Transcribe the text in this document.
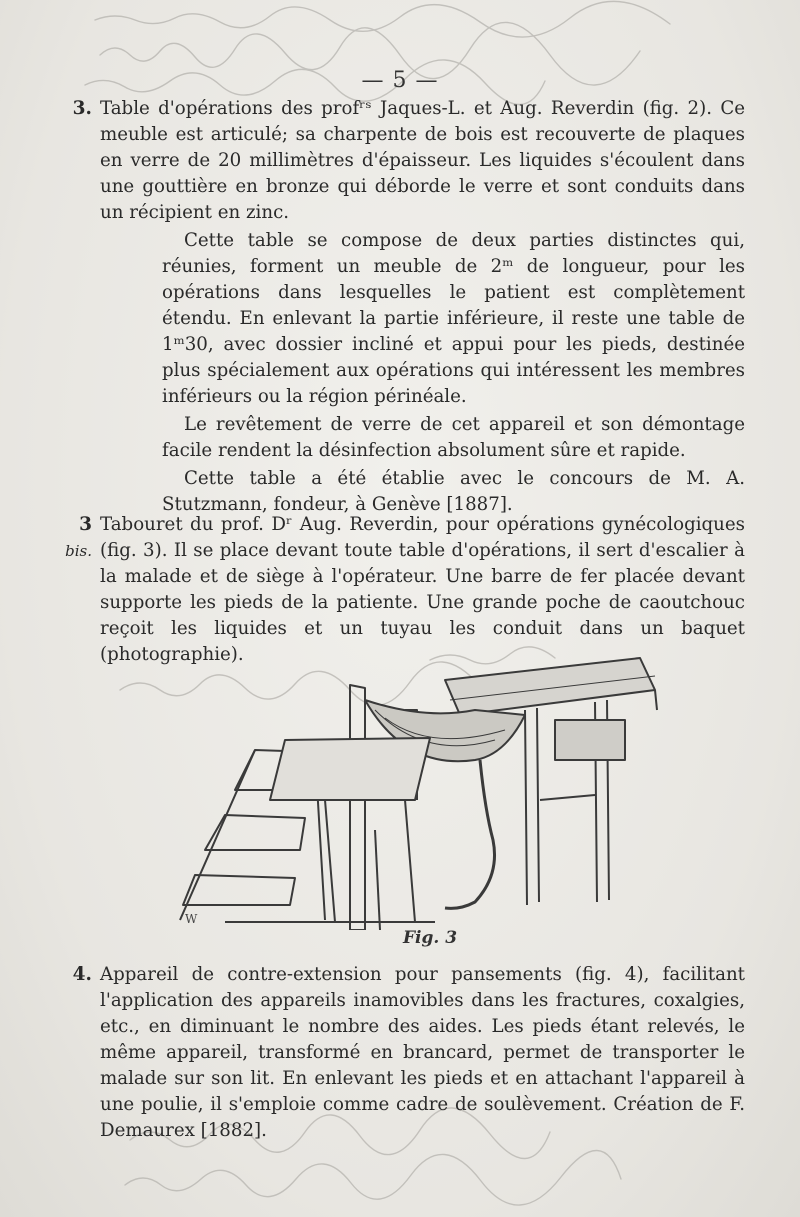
— 5 —

3. Table d'opérations des profʳˢ Jaques-L. et Aug. Reverdin (fig. 2). Ce meuble est articulé; sa charpente de bois est recouverte de plaques en verre de 20 millimètres d'épaisseur. Les liquides s'écoulent dans une gouttière en bronze qui déborde le verre et sont conduits dans un récipient en zinc.

Cette table se compose de deux parties distinctes qui, réunies, forment un meuble de 2ᵐ de longueur, pour les opérations dans lesquelles le patient est complètement étendu. En enlevant la partie inférieure, il reste une table de 1ᵐ30, avec dossier incliné et appui pour les pieds, destinée plus spécialement aux opérations qui intéressent les membres inférieurs ou la région périnéale.

Le revêtement de verre de cet appareil et son démontage facile rendent la désinfection absolument sûre et rapide.

Cette table a été établie avec le concours de M. A. Stutzmann, fondeur, à Genève [1887].

3 bis.
Tabouret du prof. Dʳ Aug. Reverdin, pour opérations gynécologiques (fig. 3). Il se place devant toute table d'opérations, il sert d'escalier à la malade et de siège à l'opérateur. Une barre de fer placée devant supporte les pieds de la patiente. Une grande poche de caoutchouc reçoit les liquides et un tuyau les conduit dans un baquet (photographie).

W
Fig. 3

4. Appareil de contre-extension pour pansements (fig. 4), facilitant l'application des appareils inamovibles dans les fractures, coxalgies, etc., en diminuant le nombre des aides. Les pieds étant relevés, le même appareil, transformé en brancard, permet de transporter le malade sur son lit. En enlevant les pieds et en attachant l'appareil à une poulie, il s'emploie comme cadre de soulèvement. Création de F. Demaurex [1882].
